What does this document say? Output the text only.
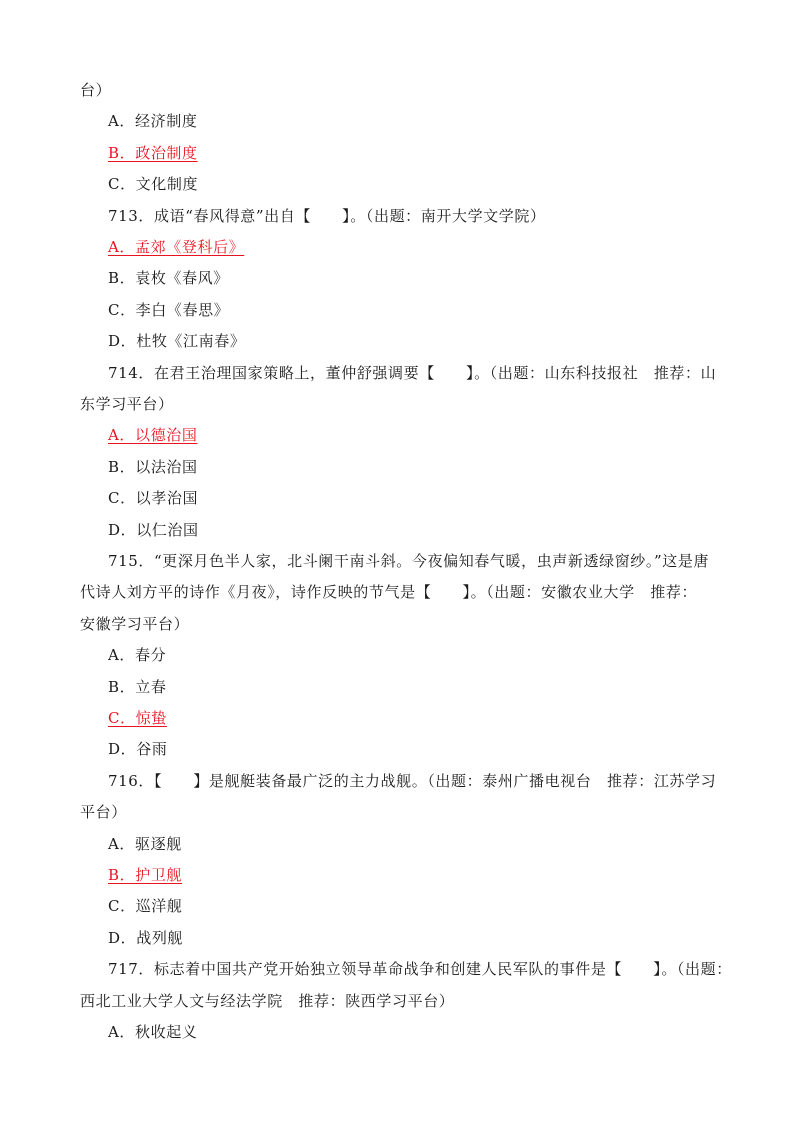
台）
A．经济制度
B．政治制度
C．文化制度
713．成语“春风得意”出自【　　】。（出题：南开大学文学院）
A．孟郊《登科后》
B．袁枚《春风》
C．李白《春思》
D．杜牧《江南春》
714．在君王治理国家策略上，董仲舒强调要【　　】。（出题：山东科技报社　推荐：山
东学习平台）
A．以德治国
B．以法治国
C．以孝治国
D．以仁治国
715．“更深月色半人家，北斗阑干南斗斜。今夜偏知春气暖，虫声新透绿窗纱。”这是唐
代诗人刘方平的诗作《月夜》，诗作反映的节气是【　　】。（出题：安徽农业大学　推荐：
安徽学习平台）
A．春分
B．立春
C．惊蛰
D．谷雨
716．【　　】是舰艇装备最广泛的主力战舰。（出题：泰州广播电视台　推荐：江苏学习
平台）
A．驱逐舰
B．护卫舰
C．巡洋舰
D．战列舰
717．标志着中国共产党开始独立领导革命战争和创建人民军队的事件是【　　】。（出题：
西北工业大学人文与经法学院　推荐：陕西学习平台）
A．秋收起义
